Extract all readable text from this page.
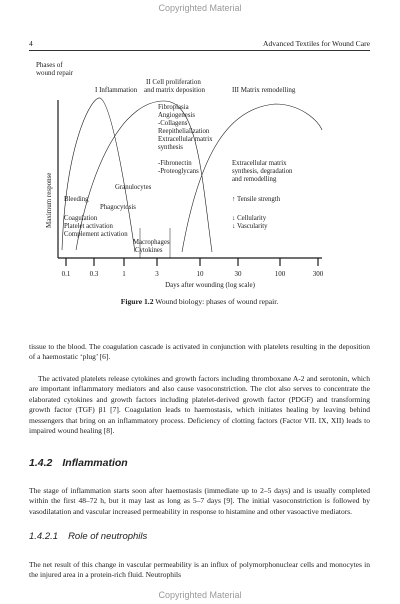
Copyrighted Material
4	Advanced Textiles for Wound Care
Phases of
wound repair
I Inflammation
II Cell proliferation
and matrix deposition	III Matrix remodelling
Maximum response
Fibroplasia
Angiogenesis
-Collagens
Reepithelialization
Extracellular matrix
synthesis
-Fibronectin
-Proteoglycans
Extracellular matrix
synthesis, degradation
and remodelling
Granulocytes
Bleeding	↑ Tensile strength
Phagocytosis
Coagulation
Platelet activation
Complement activation
↓ Cellularity
↓ Vascularity
Macrophages
Cytokines
0.1	0.3	1	3	10	30	100	300
Days after wounding (log scale)
Figure 1.2 Wound biology: phases of wound repair.
tissue to the blood. The coagulation cascade is activated in conjunction with platelets resulting in the deposition of a haemostatic ‘plug’ [6].
The activated platelets release cytokines and growth factors including thromboxane A-2 and serotonin, which are important inflammatory mediators and also cause vasoconstriction. The clot also serves to concentrate the elaborated cytokines and growth factors including platelet-derived growth factor (PDGF) and transforming growth factor (TGF) β1 [7]. Coagulation leads to haemostasis, which initiates healing by leaving behind messengers that bring on an inflammatory process. Deficiency of clotting factors (Factor VII. IX, XII) leads to impaired wound healing [8].
1.4.2 Inflammation
The stage of inflammation starts soon after haemostasis (immediate up to 2–5 days) and is usually completed within the first 48–72 h, but it may last as long as 5–7 days [9]. The initial vasoconstriction is followed by vasodilatation and vascular increased permeability in response to histamine and other vasoactive mediators.
1.4.2.1 Role of neutrophils
The net result of this change in vascular permeability is an influx of polymorphonuclear cells and monocytes in the injured area in a protein-rich fluid. Neutrophils
Copyrighted Material
